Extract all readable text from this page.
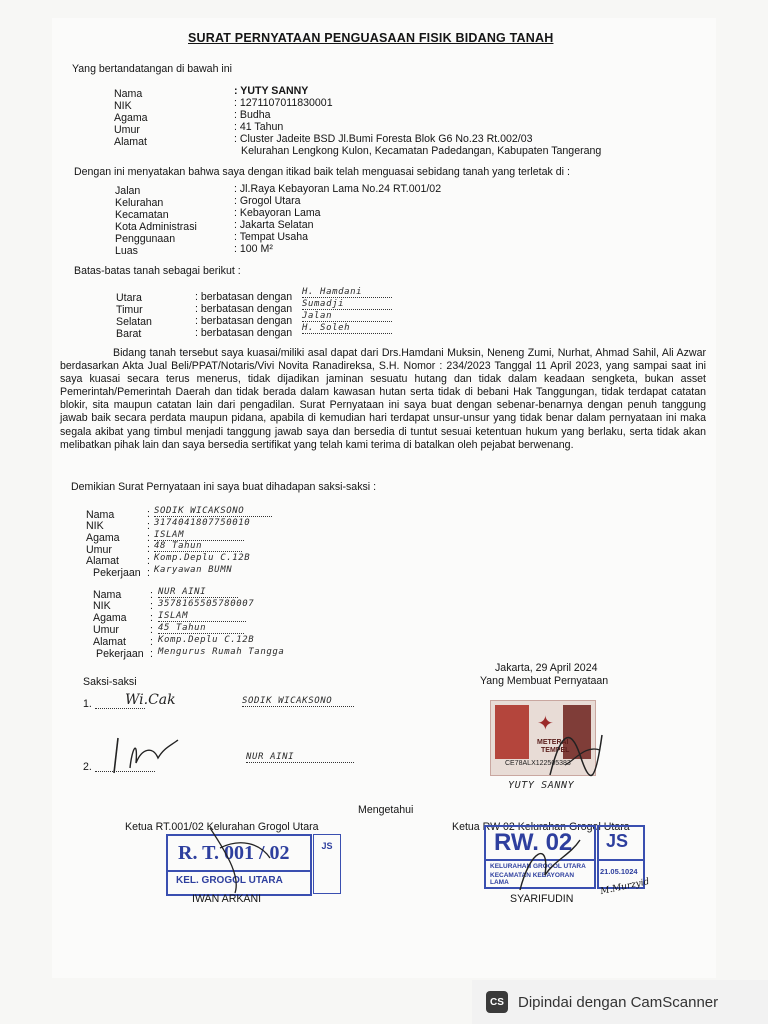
SURAT PERNYATAAN PENGUASAAN FISIK BIDANG TANAH
Yang bertandatangan di bawah ini
Nama
NIK
Agama
Umur
Alamat
: YUTY SANNY
: 1271107011830001
: Budha
: 41 Tahun
: Cluster Jadeite BSD Jl.Bumi Foresta Blok G6 No.23 Rt.002/03
Kelurahan Lengkong Kulon, Kecamatan Padedangan, Kabupaten Tangerang
Dengan ini menyatakan bahwa saya dengan itikad baik telah menguasai sebidang tanah yang terletak di :
Jalan
Kelurahan
Kecamatan
Kota Administrasi
Penggunaan
Luas
: Jl.Raya Kebayoran Lama No.24 RT.001/02
: Grogol Utara
: Kebayoran Lama
: Jakarta Selatan
: Tempat Usaha
: 100 M²
Batas-batas tanah sebagai berikut :
Utara
Timur
Selatan
Barat
: berbatasan dengan
: berbatasan dengan
: berbatasan dengan
: berbatasan dengan
H. Hamdani
Sumadji
Jalan
H. Soleh

Bidang tanah tersebut saya kuasai/miliki asal dapat dari Drs.Hamdani Muksin, Neneng Zumi, Nurhat, Ahmad Sahil, Ali Azwar berdasarkan Akta Jual Beli/PPAT/Notaris/Vivi Novita Ranadireksa, S.H. Nomor : 234/2023 Tanggal 11 April 2023, yang sampai saat ini saya kuasai secara terus menerus, tidak dijadikan jaminan sesuatu hutang dan tidak dalam keadaan sengketa, bukan asset Pemerintah/Pemerintah Daerah dan tidak berada dalam kawasan hutan serta tidak di bebani Hak Tanggungan, tidak terdapat catatan blokir, sita maupun catatan lain dari pengadilan. Surat Pernyataan ini saya buat dengan sebenar-benarnya dengan penuh tanggung jawab baik secara perdata maupun pidana, apabila di kemudian hari terdapat unsur-unsur yang tidak benar dalam pernyataan ini maka segala akibat yang timbul menjadi tanggung jawab saya dan bersedia di tuntut sesuai ketentuan hukum yang berlaku, serta tidak akan melibatkan pihak lain dan saya bersedia sertifikat yang telah kami terima di batalkan oleh pejabat berwenang.

Demikian Surat Pernyataan ini saya buat dihadapan saksi-saksi :
Nama
NIK
Agama
Umur
Alamat
Pekerjaan
:
:
:
:
:
:
SODIK WICAKSONO
3174041807750010
ISLAM
48 Tahun
Komp.Deplu C.12B
Karyawan BUMN
Nama
NIK
Agama
Umur
Alamat
Pekerjaan
:
:
:
:
:
:
NUR AINI
3578165505780007
ISLAM
45 Tahun
Komp.Deplu C.12B
Mengurus Rumah Tangga
Jakarta, 29 April 2024
Yang Membuat Pernyataan
✦
METERAI
TEMPEL
CE78ALX122505383
YUTY SANNY
Saksi-saksi
1. Wi.Cak	SODIK WICAKSONO
2.
NUR AINI
Mengetahui
Ketua RT.001/02 Kelurahan Grogol Utara
R. T. 001 / 02
KEL. GROGOL UTARA
JS
IWAN ARKANI
Ketua RW 02 Kelurahan Grogol Utara
RW. 02
KELURAHAN GROGOL UTARA
KECAMATAN KEBAYORAN LAMA
JS
21.05.1024
SYARIFUDIN
M.Murzyid
CS Dipindai dengan CamScanner
